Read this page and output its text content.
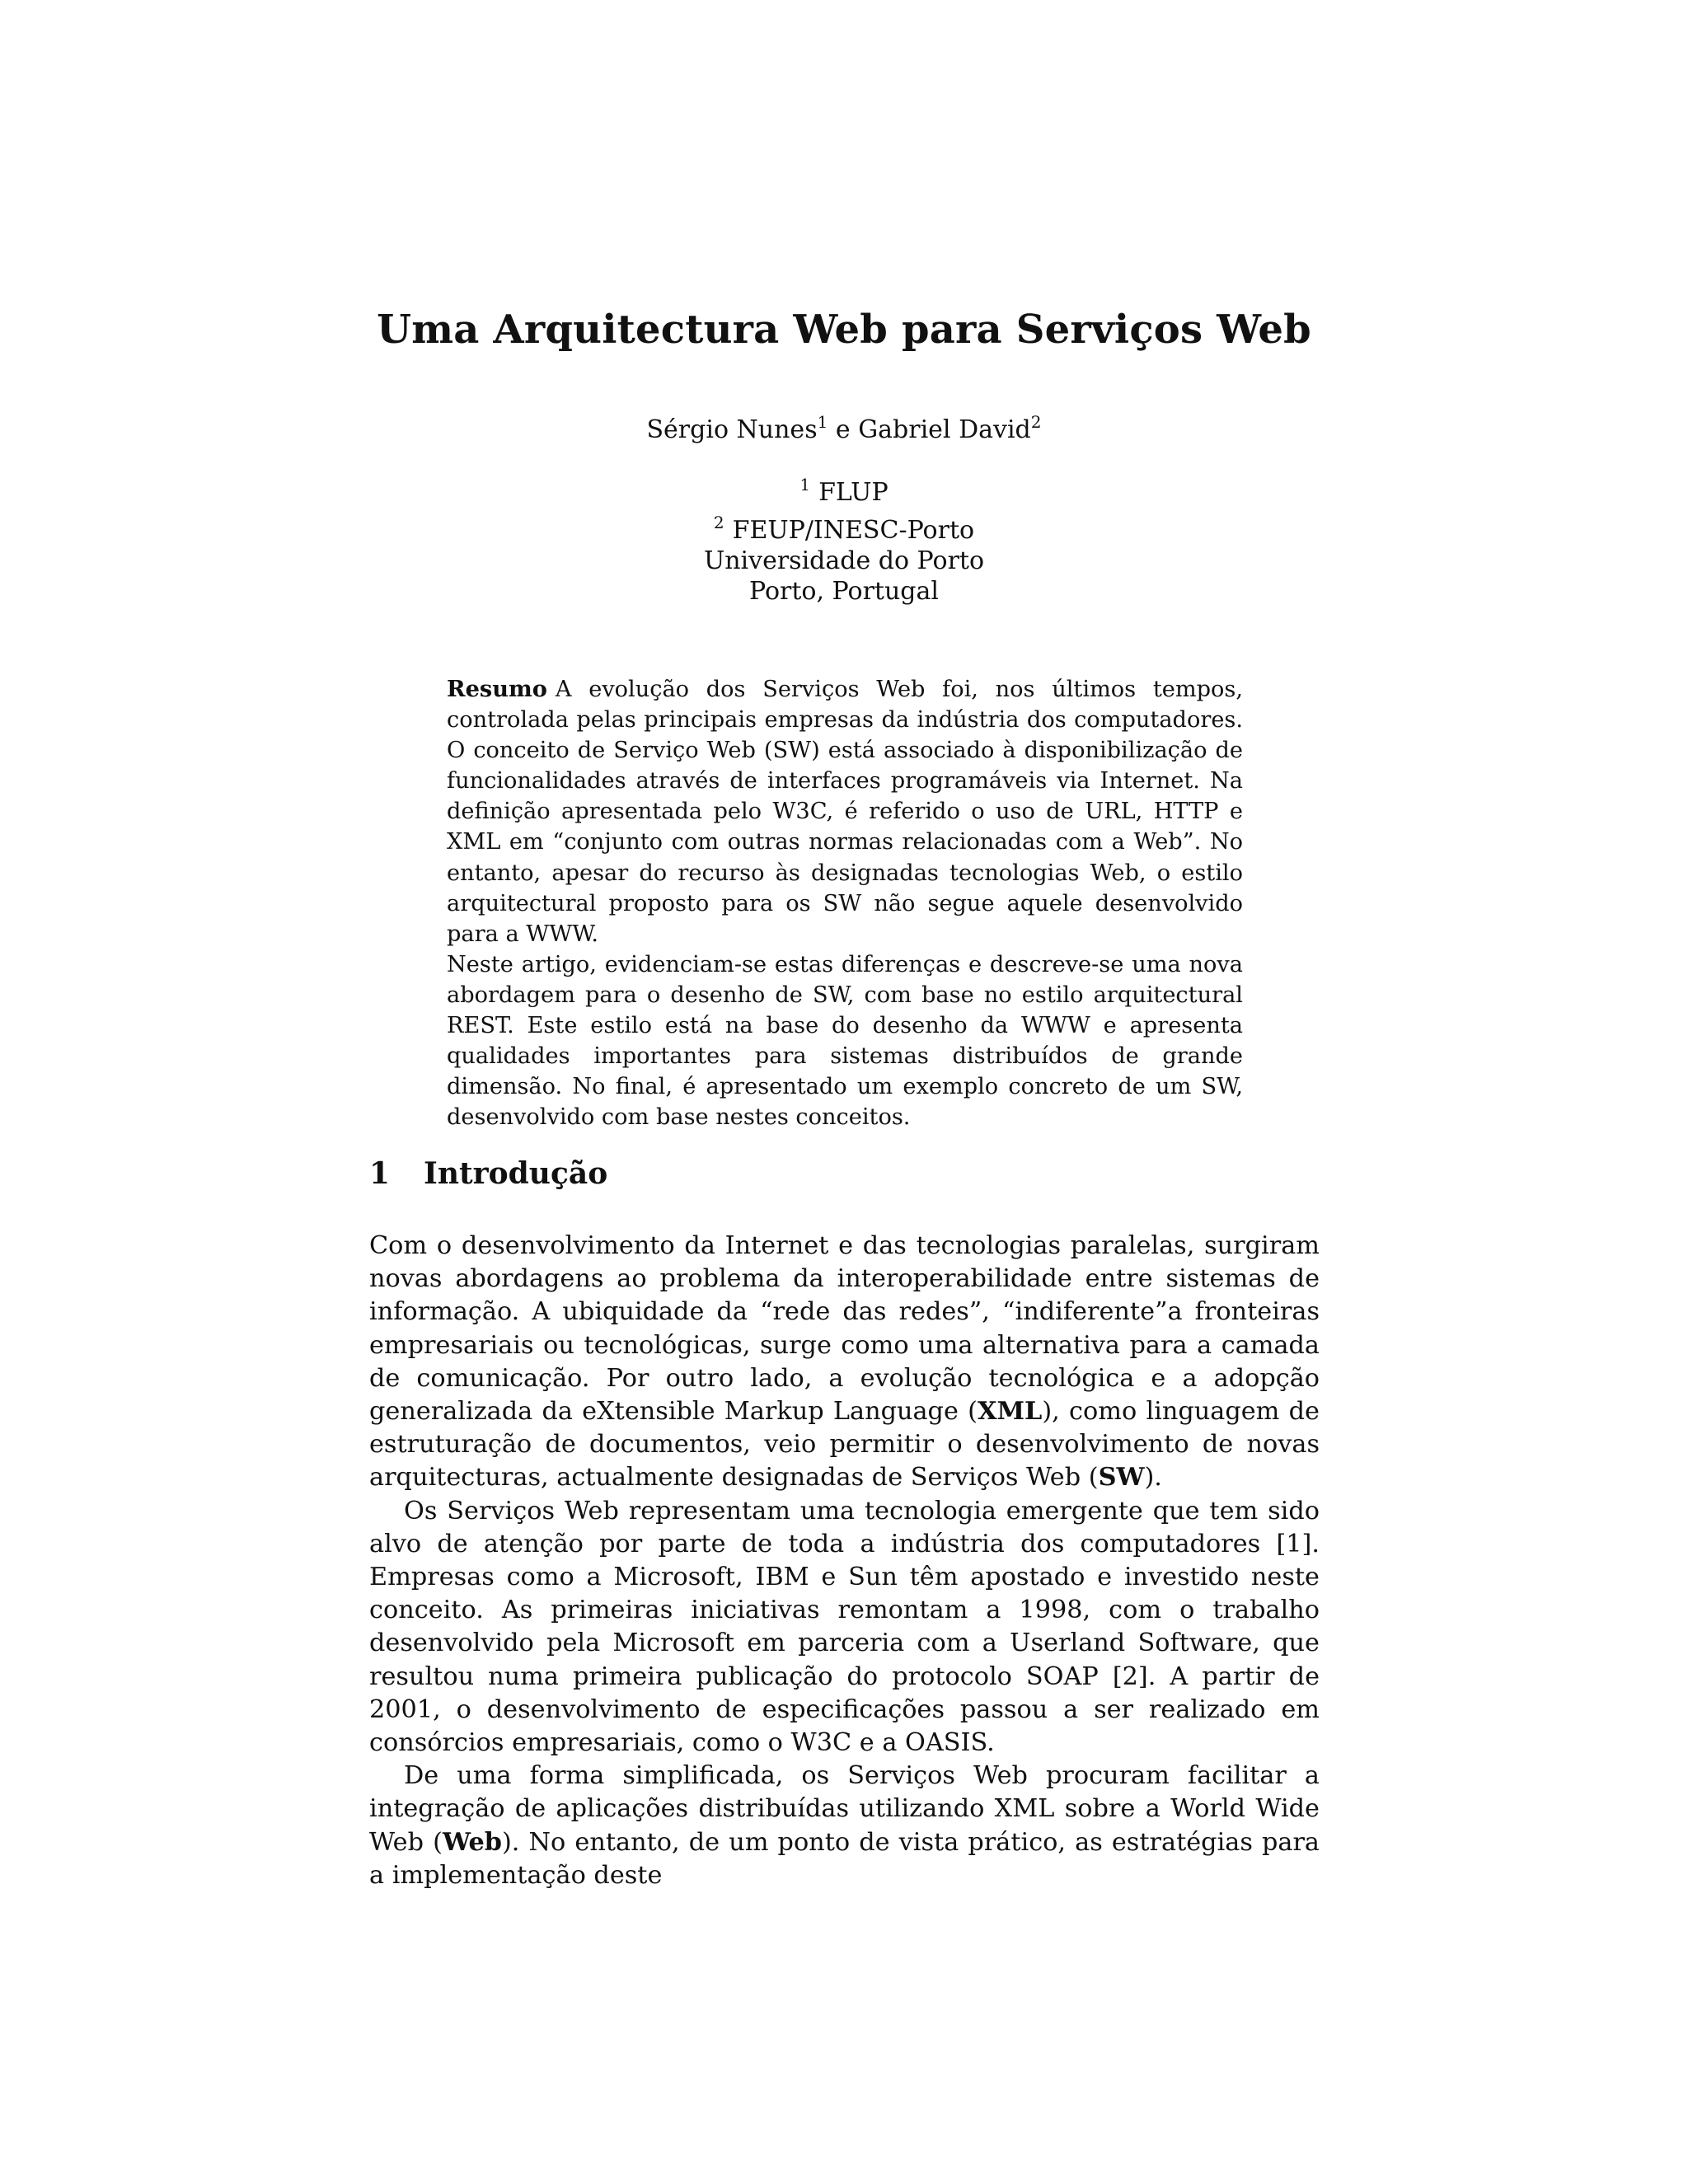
Uma Arquitectura Web para Serviços Web
Sérgio Nunes$^1$ e Gabriel David$^2$
$^1$ FLUP
$^2$ FEUP/INESC-Porto
Universidade do Porto
Porto, Portugal

Resumo A evolução dos Serviços Web foi, nos últimos tempos, controlada pelas principais empresas da indústria dos computadores. O conceito de Serviço Web (SW) está associado à disponibilização de funcionalidades através de interfaces programáveis via Internet. Na definição apresentada pelo W3C, é referido o uso de URL, HTTP e XML em “conjunto com outras normas relacionadas com a Web”. No entanto, apesar do recurso às designadas tecnologias Web, o estilo arquitectural proposto para os SW não segue aquele desenvolvido para a WWW.

Neste artigo, evidenciam-se estas diferenças e descreve-se uma nova abordagem para o desenho de SW, com base no estilo arquitectural REST. Este estilo está na base do desenho da WWW e apresenta qualidades importantes para sistemas distribuídos de grande dimensão. No final, é apresentado um exemplo concreto de um SW, desenvolvido com base nestes conceitos.

1 Introdução

Com o desenvolvimento da Internet e das tecnologias paralelas, surgiram novas abordagens ao problema da interoperabilidade entre sistemas de informação. A ubiquidade da “rede das redes”, “indiferente”a fronteiras empresariais ou tecnológicas, surge como uma alternativa para a camada de comunicação. Por outro lado, a evolução tecnológica e a adopção generalizada da eXtensible Markup Language (XML), como linguagem de estruturação de documentos, veio permitir o desenvolvimento de novas arquitecturas, actualmente designadas de Serviços Web (SW).

Os Serviços Web representam uma tecnologia emergente que tem sido alvo de atenção por parte de toda a indústria dos computadores [1]. Empresas como a Microsoft, IBM e Sun têm apostado e investido neste conceito. As primeiras iniciativas remontam a 1998, com o trabalho desenvolvido pela Microsoft em parceria com a Userland Software, que resultou numa primeira publicação do protocolo SOAP [2]. A partir de 2001, o desenvolvimento de especificações passou a ser realizado em consórcios empresariais, como o W3C e a OASIS.

De uma forma simplificada, os Serviços Web procuram facilitar a integração de aplicações distribuídas utilizando XML sobre a World Wide Web (Web). No entanto, de um ponto de vista prático, as estratégias para a implementação deste
